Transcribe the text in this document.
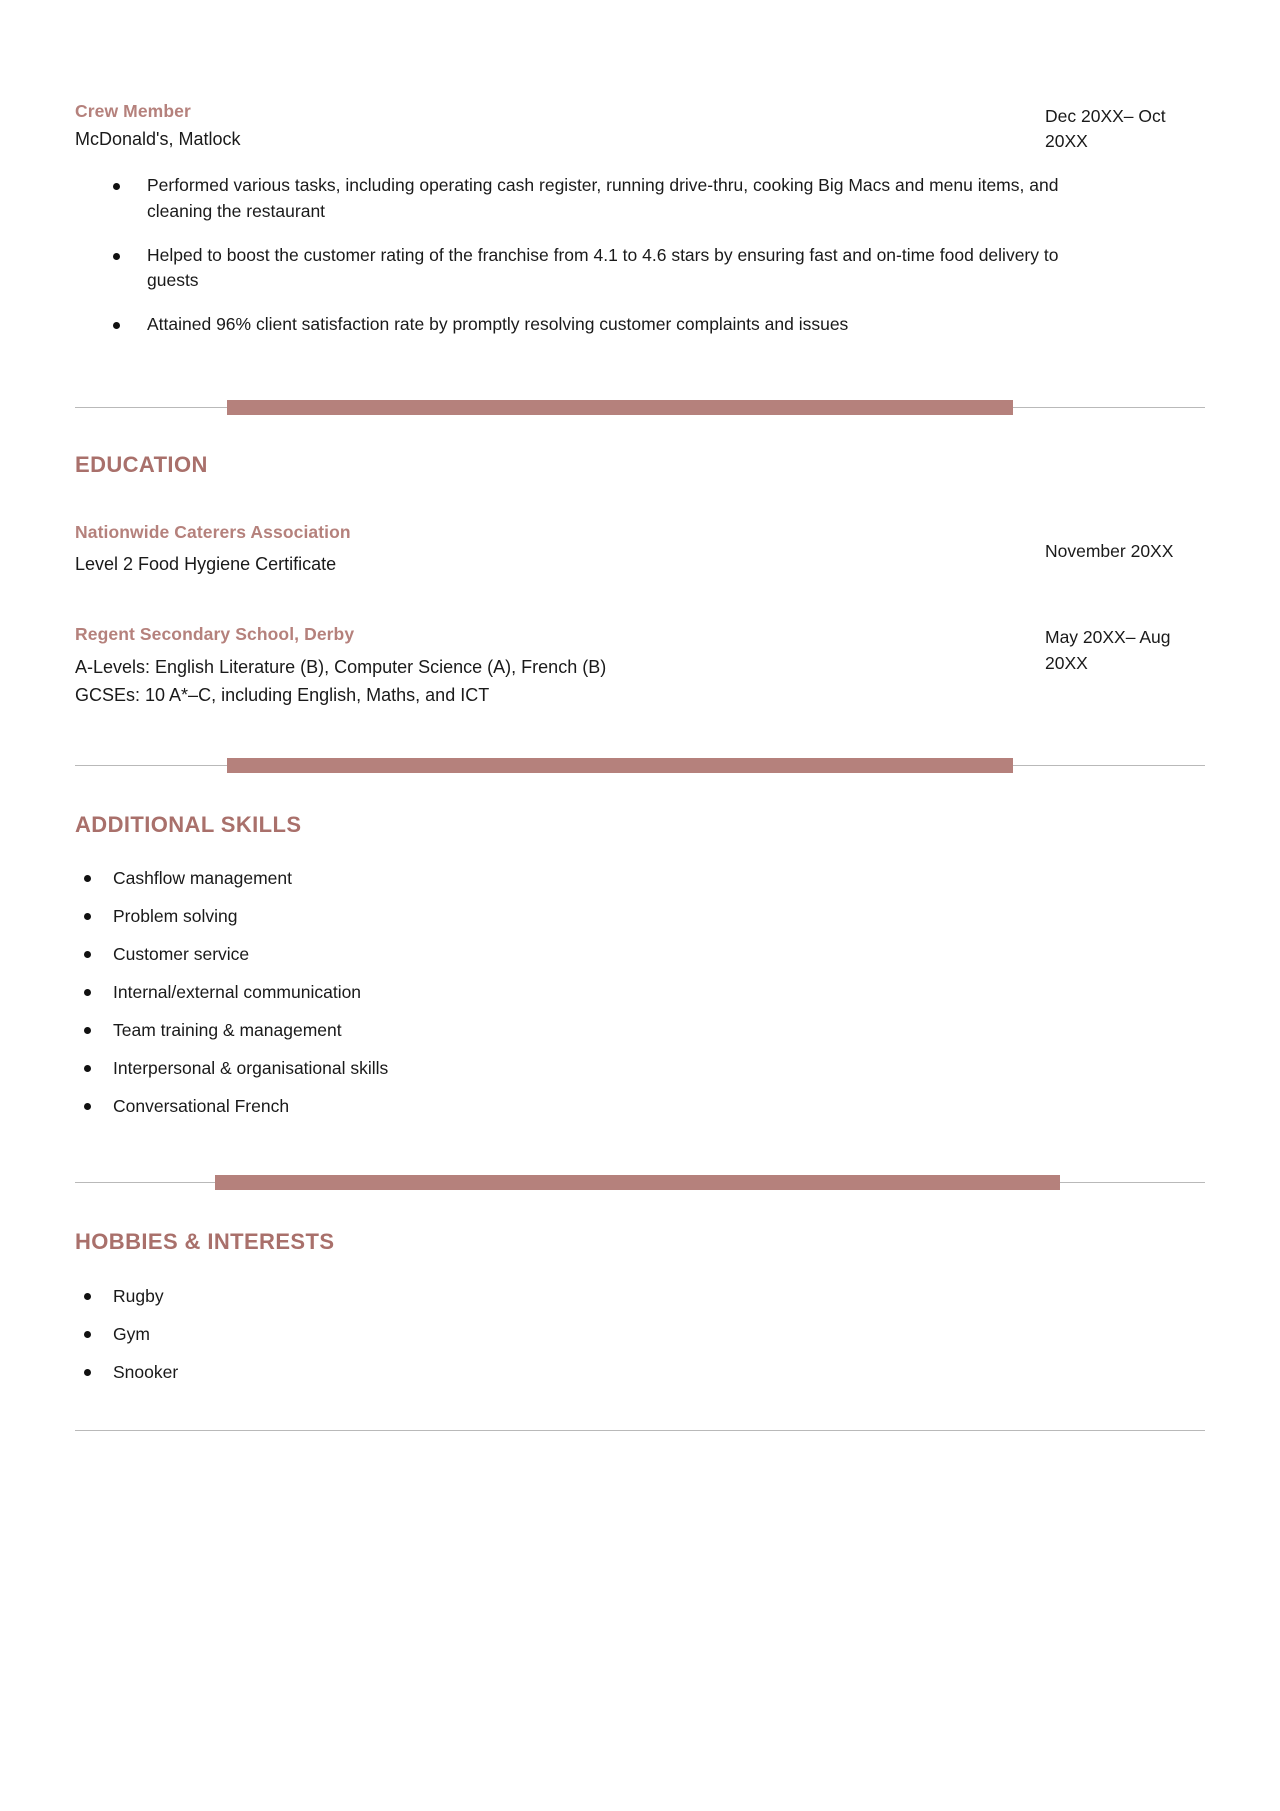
Crew Member
McDonald's, Matlock
Dec 20XX– Oct 20XX
Performed various tasks, including operating cash register, running drive-thru, cooking Big Macs and menu items, and cleaning the restaurant
Helped to boost the customer rating of the franchise from 4.1 to 4.6 stars by ensuring fast and on-time food delivery to guests
Attained 96% client satisfaction rate by promptly resolving customer complaints and issues
EDUCATION
Nationwide Caterers Association
Level 2 Food Hygiene Certificate
November 20XX
Regent Secondary School, Derby
A-Levels: English Literature (B), Computer Science (A), French (B)
GCSEs: 10 A*–C, including English, Maths, and ICT
May 20XX– Aug 20XX
ADDITIONAL SKILLS
Cashflow management
Problem solving
Customer service
Internal/external communication
Team training & management
Interpersonal & organisational skills
Conversational French
HOBBIES & INTERESTS
Rugby
Gym
Snooker
